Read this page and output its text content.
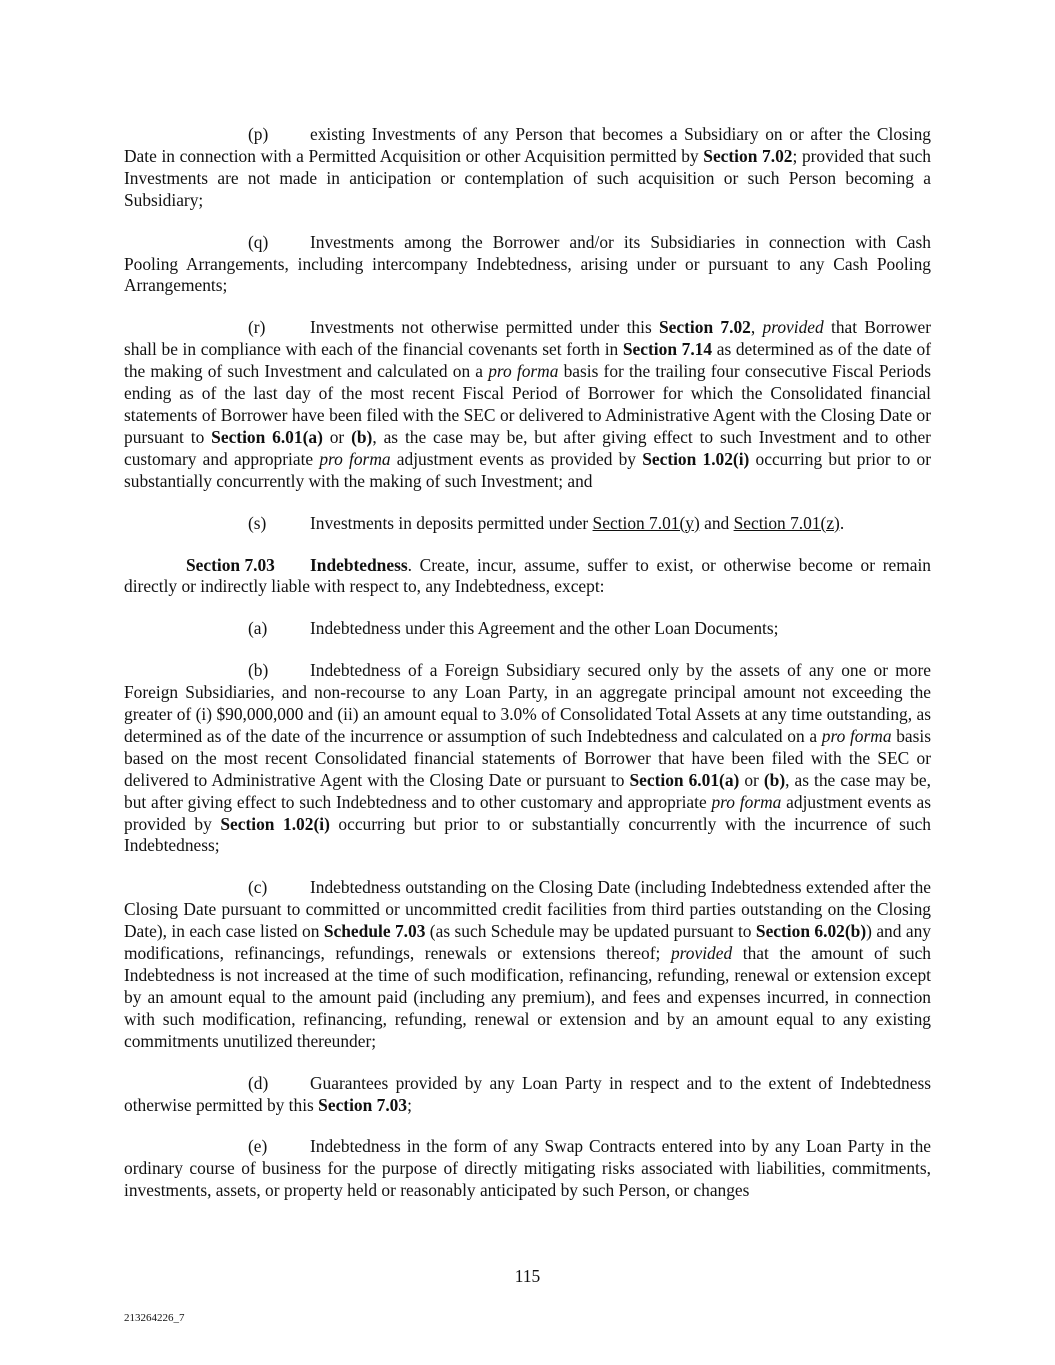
(p) existing Investments of any Person that becomes a Subsidiary on or after the Closing Date in connection with a Permitted Acquisition or other Acquisition permitted by Section 7.02; provided that such Investments are not made in anticipation or contemplation of such acquisition or such Person becoming a Subsidiary;

(q) Investments among the Borrower and/or its Subsidiaries in connection with Cash Pooling Arrangements, including intercompany Indebtedness, arising under or pursuant to any Cash Pooling Arrangements;

(r)	Investments not otherwise permitted under this Section 7.02, provided that Borrower shall be in compliance with each of the financial covenants set forth in Section 7.14 as determined as of the date of the making of such Investment and calculated on a pro forma basis for the trailing four consecutive Fiscal Periods ending as of the last day of the most recent Fiscal Period of Borrower for which the Consolidated financial statements of Borrower have been filed with the SEC or delivered to Administrative Agent with the Closing Date or pursuant to Section 6.01(a) or (b), as the case may be, but after giving effect to such Investment and to other customary and appropriate pro forma adjustment events as provided by Section 1.02(i) occurring but prior to or substantially concurrently with the making of such Investment; and

(s)	Investments in deposits permitted under Section 7.01(y) and Section 7.01(z).

Section 7.03 Indebtedness. Create, incur, assume, suffer to exist, or otherwise become or remain directly or indirectly liable with respect to, any Indebtedness, except:

(a) Indebtedness under this Agreement and the other Loan Documents;

(b) Indebtedness of a Foreign Subsidiary secured only by the assets of any one or more Foreign Subsidiaries, and non-recourse to any Loan Party, in an aggregate principal amount not exceeding the greater of (i) $90,000,000 and (ii) an amount equal to 3.0% of Consolidated Total Assets at any time outstanding, as determined as of the date of the incurrence or assumption of such Indebtedness and calculated on a pro forma basis based on the most recent Consolidated financial statements of Borrower that have been filed with the SEC or delivered to Administrative Agent with the Closing Date or pursuant to Section 6.01(a) or (b), as the case may be, but after giving effect to such Indebtedness and to other customary and appropriate pro forma adjustment events as provided by Section 1.02(i) occurring but prior to or substantially concurrently with the incurrence of such Indebtedness;

(c) Indebtedness outstanding on the Closing Date (including Indebtedness extended after the Closing Date pursuant to committed or uncommitted credit facilities from third parties outstanding on the Closing Date), in each case listed on Schedule 7.03 (as such Schedule may be updated pursuant to Section 6.02(b)) and any modifications, refinancings, refundings, renewals or extensions thereof; provided that the amount of such Indebtedness is not increased at the time of such modification, refinancing, refunding, renewal or extension except by an amount equal to the amount paid (including any premium), and fees and expenses incurred, in connection with such modification, refinancing, refunding, renewal or extension and by an amount equal to any existing commitments unutilized thereunder;

(d) Guarantees provided by any Loan Party in respect and to the extent of Indebtedness otherwise permitted by this Section 7.03;

(e) Indebtedness in the form of any Swap Contracts entered into by any Loan Party in the ordinary course of business for the purpose of directly mitigating risks associated with liabilities, commitments, investments, assets, or property held or reasonably anticipated by such Person, or changes

115
213264226_7
